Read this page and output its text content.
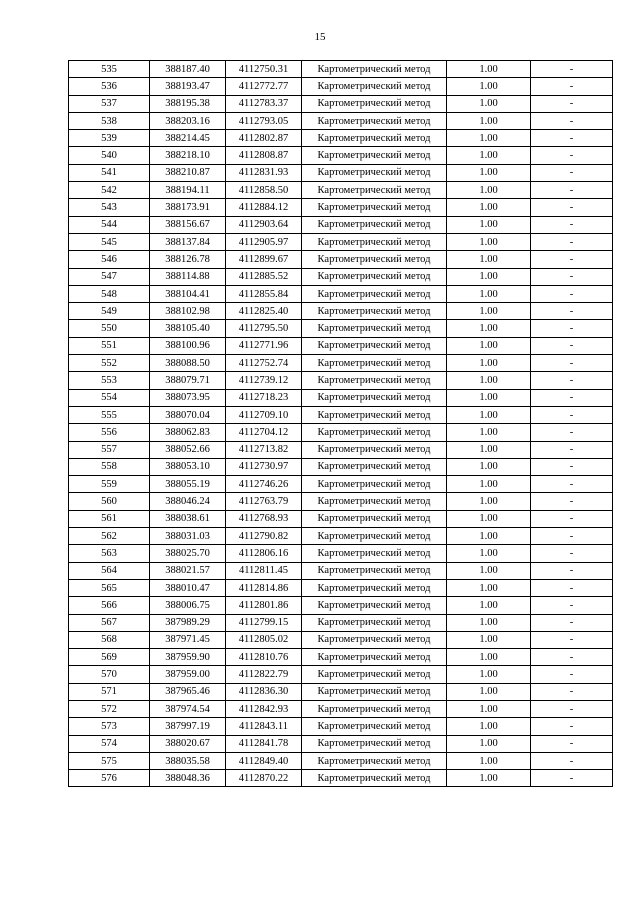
15
535	388187.40	4112750.31	Картометрический метод	1.00	-
536	388193.47	4112772.77	Картометрический метод	1.00	-
537	388195.38	4112783.37	Картометрический метод	1.00	-
538	388203.16	4112793.05	Картометрический метод	1.00	-
539	388214.45	4112802.87	Картометрический метод	1.00	-
540	388218.10	4112808.87	Картометрический метод	1.00	-
541	388210.87	4112831.93	Картометрический метод	1.00	-
542	388194.11	4112858.50	Картометрический метод	1.00	-
543	388173.91	4112884.12	Картометрический метод	1.00	-
544	388156.67	4112903.64	Картометрический метод	1.00	-
545	388137.84	4112905.97	Картометрический метод	1.00	-
546	388126.78	4112899.67	Картометрический метод	1.00	-
547	388114.88	4112885.52	Картометрический метод	1.00	-
548	388104.41	4112855.84	Картометрический метод	1.00	-
549	388102.98	4112825.40	Картометрический метод	1.00	-
550	388105.40	4112795.50	Картометрический метод	1.00	-
551	388100.96	4112771.96	Картометрический метод	1.00	-
552	388088.50	4112752.74	Картометрический метод	1.00	-
553	388079.71	4112739.12	Картометрический метод	1.00	-
554	388073.95	4112718.23	Картометрический метод	1.00	-
555	388070.04	4112709.10	Картометрический метод	1.00	-
556	388062.83	4112704.12	Картометрический метод	1.00	-
557	388052.66	4112713.82	Картометрический метод	1.00	-
558	388053.10	4112730.97	Картометрический метод	1.00	-
559	388055.19	4112746.26	Картометрический метод	1.00	-
560	388046.24	4112763.79	Картометрический метод	1.00	-
561	388038.61	4112768.93	Картометрический метод	1.00	-
562	388031.03	4112790.82	Картометрический метод	1.00	-
563	388025.70	4112806.16	Картометрический метод	1.00	-
564	388021.57	4112811.45	Картометрический метод	1.00	-
565	388010.47	4112814.86	Картометрический метод	1.00	-
566	388006.75	4112801.86	Картометрический метод	1.00	-
567	387989.29	4112799.15	Картометрический метод	1.00	-
568	387971.45	4112805.02	Картометрический метод	1.00	-
569	387959.90	4112810.76	Картометрический метод	1.00	-
570	387959.00	4112822.79	Картометрический метод	1.00	-
571	387965.46	4112836.30	Картометрический метод	1.00	-
572	387974.54	4112842.93	Картометрический метод	1.00	-
573	387997.19	4112843.11	Картометрический метод	1.00	-
574	388020.67	4112841.78	Картометрический метод	1.00	-
575	388035.58	4112849.40	Картометрический метод	1.00	-
576	388048.36	4112870.22	Картометрический метод	1.00	-
